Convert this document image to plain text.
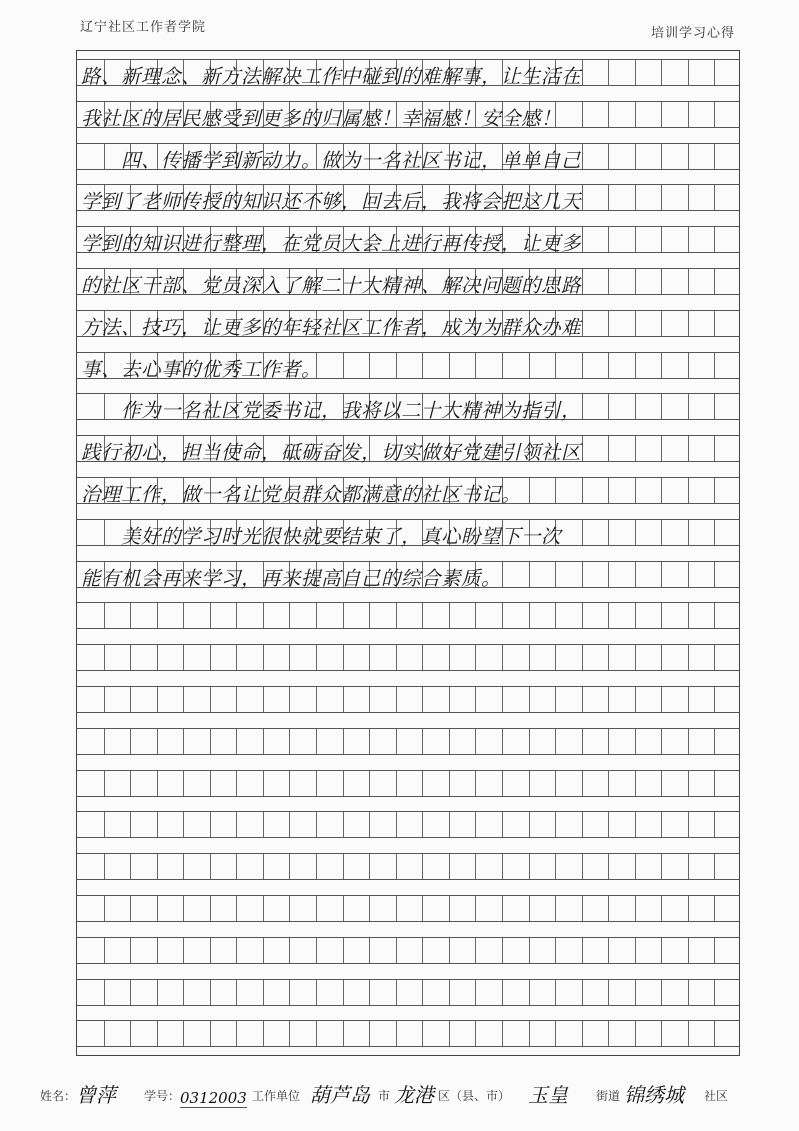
辽宁社区工作者学院	培训学习心得
路、新理念、新方法解决工作中碰到的难解事，让生活在
我社区的居民感受到更多的归属感！幸福感！安全感！
　　四、传播学到新动力。做为一名社区书记，单单自己
学到了老师传授的知识还不够，回去后，我将会把这几天
学到的知识进行整理，在党员大会上进行再传授，让更多
的社区干部、党员深入了解二十大精神、解决问题的思路
方法、技巧，让更多的年轻社区工作者，成为为群众办难
事、去心事的优秀工作者。
　　作为一名社区党委书记，我将以二十大精神为指引，
践行初心，担当使命，砥砺奋发，切实做好党建引领社区
治理工作，做一名让党员群众都满意的社区书记。
　　美好的学习时光很快就要结束了，真心盼望下一次
能有机会再来学习，再来提高自己的综合素质。
姓名： 曾萍 学号： 0312003 工作单位 葫芦岛 市 龙港 区（县、市） 玉皇 街道 锦绣城 社区
